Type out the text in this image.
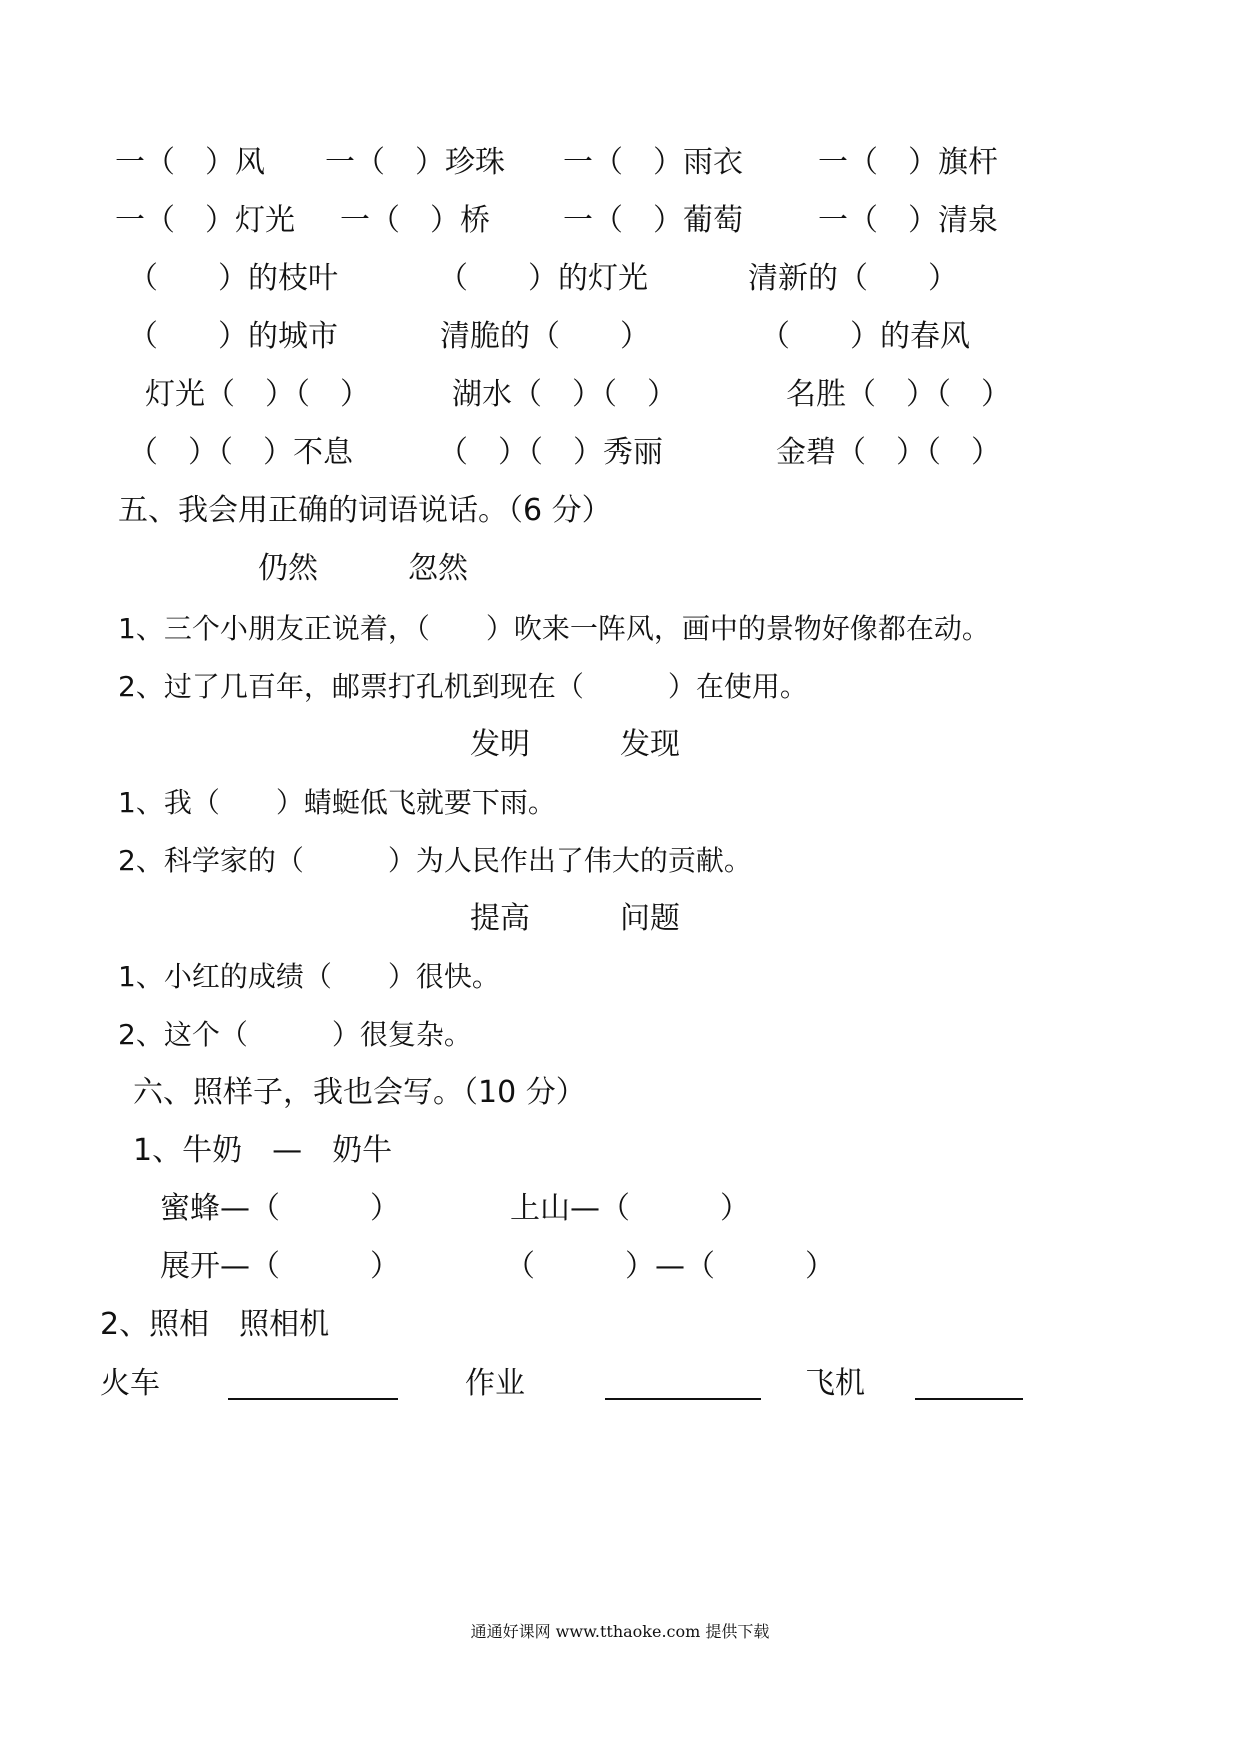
一（　）风 一（　）珍珠 一（　）雨衣	一（　）旗杆
一（　）灯光 一（　）桥 一（　）葡萄	一（　）清泉
（　　）的枝叶	（　　）的灯光	清新的（　　）
（　　）的城市	清脆的（　　）	（　　）的春风
灯光（　）（　）	湖水（　）（　）	名胜（　）（　）
（　）（　）不息	（　）（　）秀丽	金碧（　）（　）
五、我会用正确的词语说话。（6 分）
仍然　　　忽然
1、三个小朋友正说着，（　　）吹来一阵风，画中的景物好像都在动。
2、过了几百年，邮票打孔机到现在（　　　）在使用。
发明　　　发现
1、我（　　）蜻蜓低飞就要下雨。
2、科学家的（　　　）为人民作出了伟大的贡献。
提高　　　问题
1、小红的成绩（　　）很快。
2、这个（　　　）很复杂。
六、照样子，我也会写。（10 分）
1、牛奶　—　奶牛
蜜蜂—（　　　）	上山—（　　　）
展开—（　　　）	（　　　）—（　　　）
2、照相　照相机
火车	作业	飞机
通通好课网 www.tthaoke.com 提供下载
